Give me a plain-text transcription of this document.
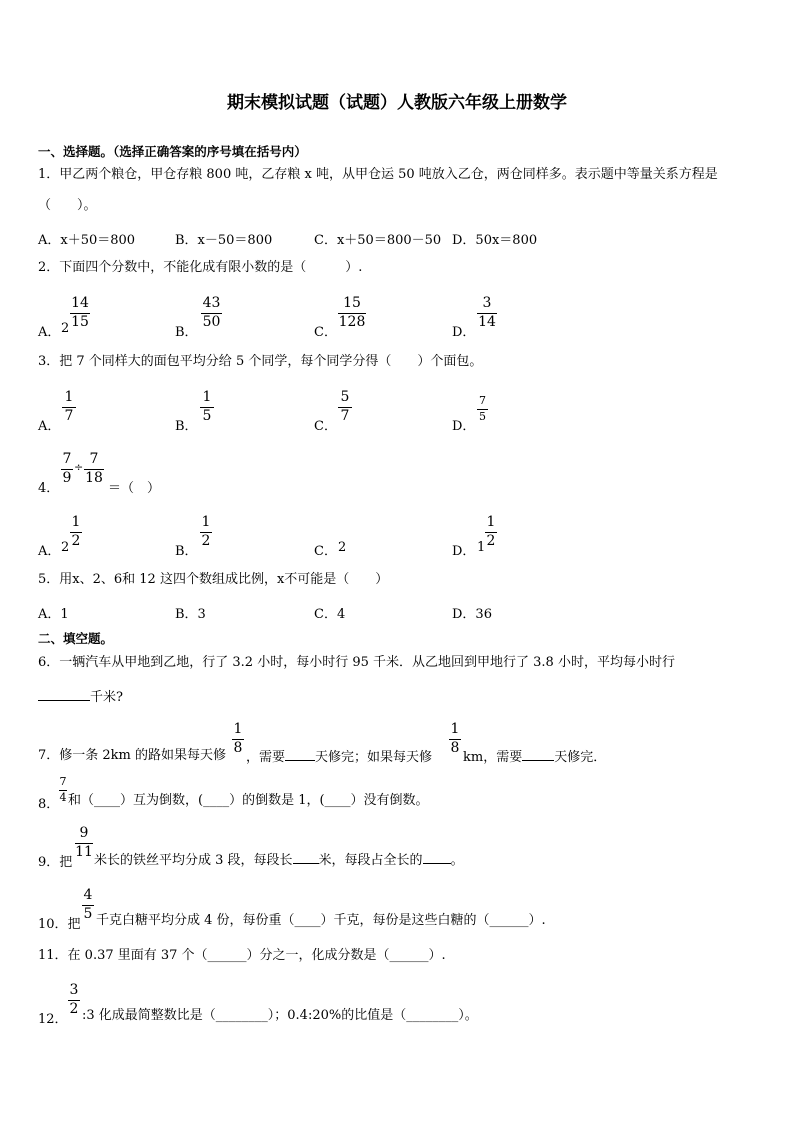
期末模拟试题（试题）人教版六年级上册数学
一、选择题。（选择正确答案的序号填在括号内）
1．甲乙两个粮仓，甲仓存粮 800 吨，乙存粮 x 吨，从甲仓运 50 吨放入乙仓，两仓同样多。表示题中等量关系方程是
（　　）。
A．x＋50＝800	B．x－50＝800	C．x＋50＝800－50 D．50x＝800
2．下面四个分数中，不能化成有限小数的是（　　　）.
A． 2
14
15
B．
43
50
C．
15
128
D．
3
14
3．把 7 个同样大的面包平均分给 5 个同学，每个同学分得（　　）个面包。
A．
1
7
B．
1
5
C．
5
7
D．
7
5
4．
7
9
÷
7
18
＝（　）
A． 2
1
2
B．
1
2
C． 2	D． 1
1
2
5．用x、2、6和 12 这四个数组成比例，x不可能是（　　）
A．1	B．3	C．4	D．36
二、填空题。
6．一辆汽车从甲地到乙地，行了 3.2 小时，每小时行 95 千米．从乙地回到甲地行了 3.8 小时，平均每小时行
千米?
7．修一条 2km 的路如果每天修
1
8
，需要 天修完；如果每天修
1
8
km，需要 天修完．
8．
7
4 和（____）互为倒数，(____）的倒数是 1，(____）没有倒数。
9．把
9
11
米长的铁丝平均分成 3 段，每段长 米，每段占全长的 。
10．把
4
5 千克白糖平均分成 4 份，每份重（____）千克，每份是这些白糖的（______）.
11．在 0.37 里面有 37 个（______）分之一，化成分数是（______）.
12．
3
2 :3 化成最简整数比是（________）；0.4:20%的比值是（________）。
